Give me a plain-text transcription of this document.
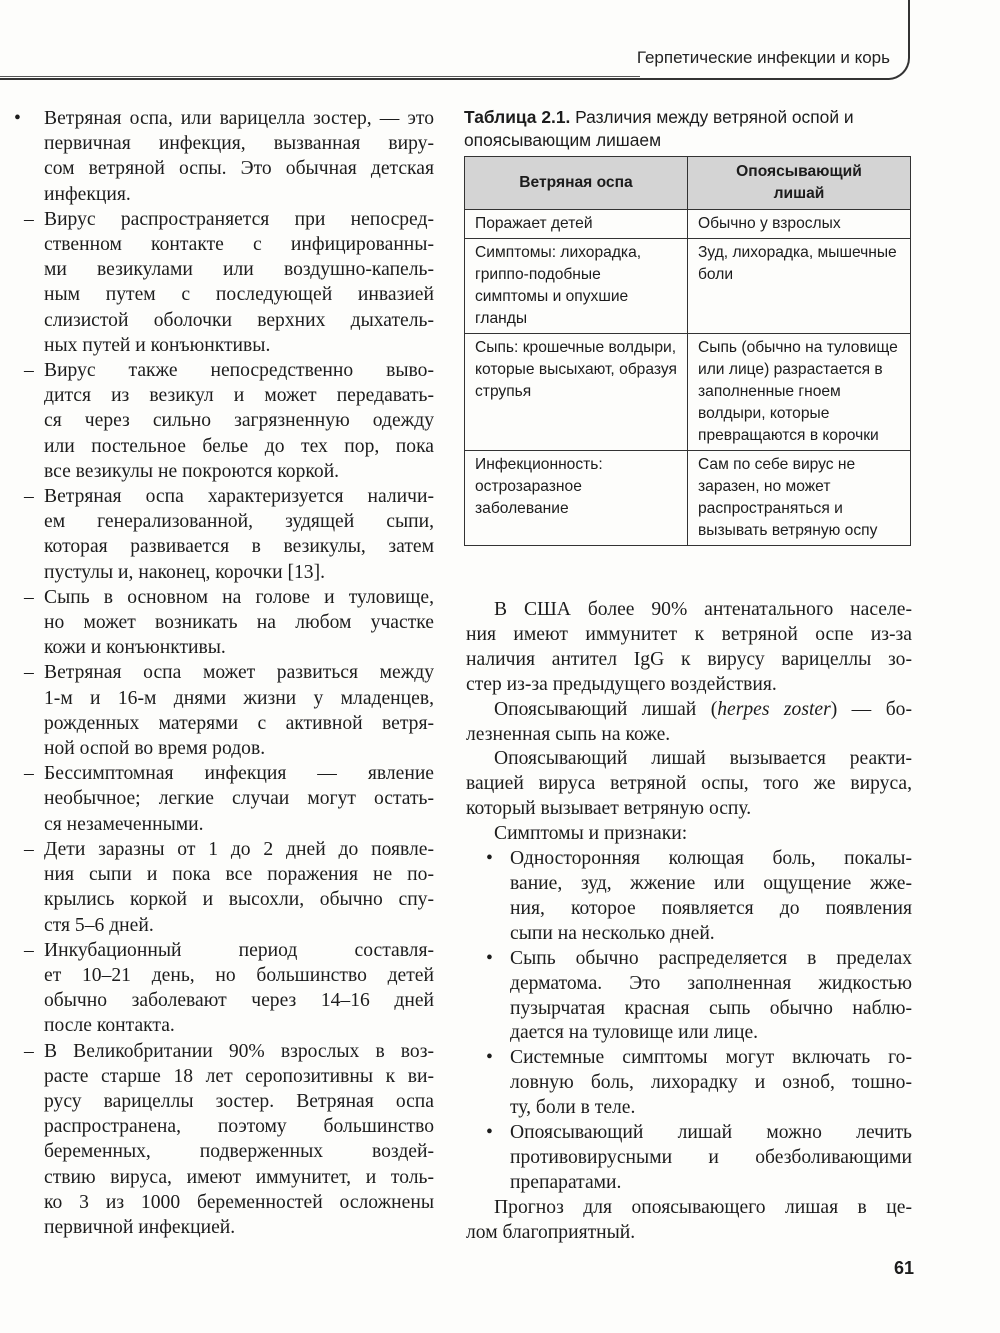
Герпетические инфекции и корь
• Ветряная оспа, или варицелла зостер, — это
первичная инфекция, вызванная виру-
сом ветряной оспы. Это обычная детская
инфекция.
– Вирус распространяется при непосред-
ственном контакте с инфицированны-
ми везикулами или воздушно-капель-
ным путем с последующей инвазией
слизистой оболочки верхних дыхатель-
ных путей и конъюнктивы.
– Вирус также непосредственно выво-
дится из везикул и может передавать-
ся через сильно загрязненную одежду
или постельное белье до тех пор, пока
все везикулы не покроются коркой.
– Ветряная оспа характеризуется наличи-
ем генерализованной, зудящей сыпи,
которая развивается в везикулы, затем
пустулы и, наконец, корочки [13].
– Сыпь в основном на голове и туловище,
но может возникать на любом участке
кожи и конъюнктивы.
– Ветряная оспа может развиться между
1-м и 16-м днями жизни у младенцев,
рожденных матерями с активной ветря-
ной оспой во время родов.
– Бессимптомная инфекция — явление
необычное; легкие случаи могут остать-
ся незамеченными.
– Дети заразны от 1 до 2 дней до появле-
ния сыпи и пока все поражения не по-
крылись коркой и высохли, обычно спу-
стя 5–6 дней.
– Инкубационный период составля-
ет 10–21 день, но большинство детей
обычно заболевают через 14–16 дней
после контакта.
– В Великобритании 90% взрослых в воз-
расте старше 18 лет серопозитивны к ви-
русу варицеллы зостер. Ветряная оспа
распространена, поэтому большинство
беременных, подверженных воздей-
ствию вируса, имеют иммунитет, и толь-
ко 3 из 1000 беременностей осложнены
первичной инфекцией.
Таблица 2.1. Различия между ветряной оспой и опоясывающим лишаем
Ветряная оспа	Опоясывающий лишай
Поражает детей	Обычно у взрослых
Симптомы: лихорадка, гриппо-подобные симптомы и опухшие гланды	Зуд, лихорадка, мышечные боли
Сыпь: крошечные волдыри, которые высыхают, образуя струпья	Сыпь (обычно на туловище или лице) разрастается в заполненные гноем волдыри, которые превращаются в корочки
Инфекционность: острозаразное заболевание	Сам по себе вирус не заразен, но может распространяться и вызывать ветряную оспу
В США более 90% антенатального населе-
ния имеют иммунитет к ветряной оспе из-за
наличия антител IgG к вирусу варицеллы зо-
стер из-за предыдущего воздействия.
Опоясывающий лишай (herpes zoster) — бо-
лезненная сыпь на коже.
Опоясывающий лишай вызывается реакти-
вацией вируса ветряной оспы, того же вируса,
который вызывает ветряную оспу.
Симптомы и признаки:
• Односторонняя колющая боль, покалы-
вание, зуд, жжение или ощущение жже-
ния, которое появляется до появления
сыпи на несколько дней.
• Сыпь обычно распределяется в пределах
дерматома. Это заполненная жидкостью
пузырчатая красная сыпь обычно наблю-
дается на туловище или лице.
• Системные симптомы могут включать го-
ловную боль, лихорадку и озноб, тошно-
ту, боли в теле.
• Опоясывающий лишай можно лечить
противовирусными и обезболивающими
препаратами.
Прогноз для опоясывающего лишая в це-
лом благоприятный.
61
